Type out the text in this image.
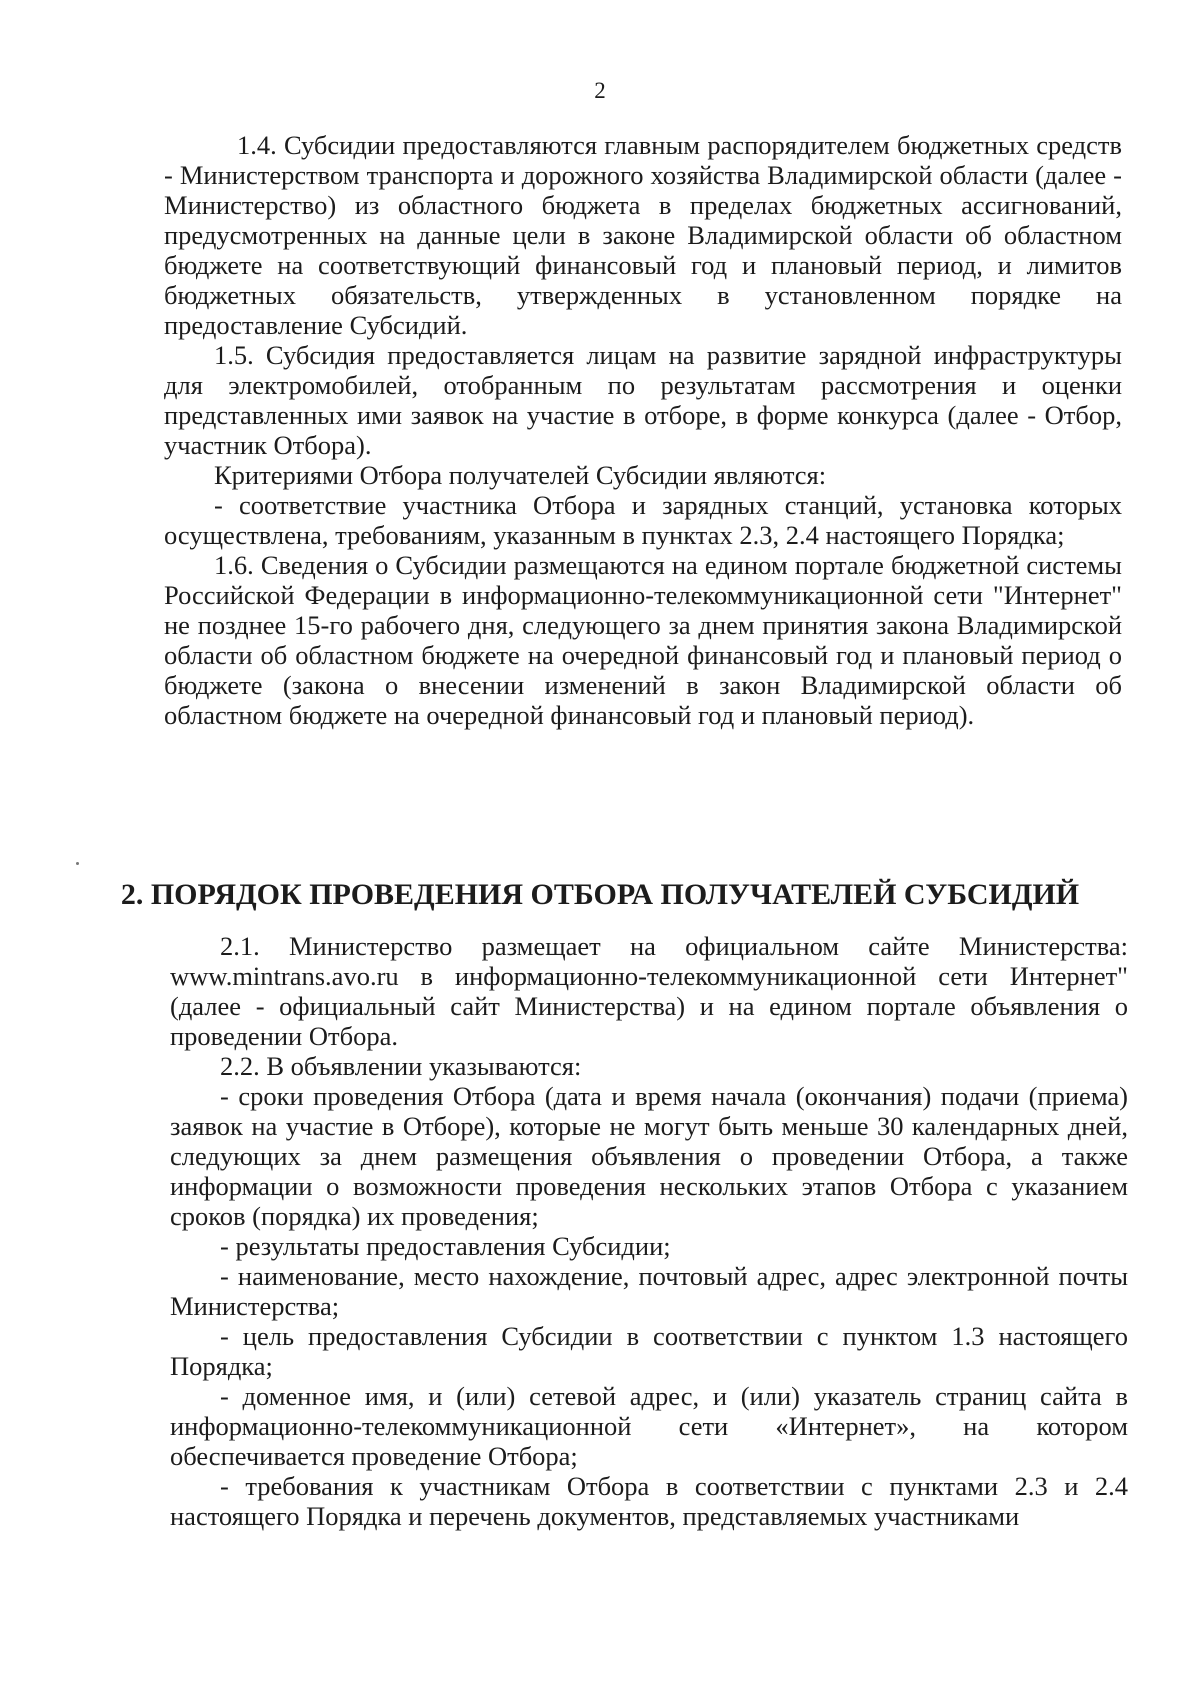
2

1.4. Субсидии предоставляются главным распорядителем бюджетных средств - Министерством транспорта и дорожного хозяйства Владимирской области (далее - Министерство) из областного бюджета в пределах бюджетных ассигнований, предусмотренных на данные цели в законе Владимирской области об областном бюджете на соответствующий финансовый год и плановый период, и лимитов бюджетных обязательств, утвержденных в установленном порядке на предоставление Субсидий.

1.5. Субсидия предоставляется лицам на развитие зарядной инфраструктуры для электромобилей, отобранным по результатам рассмотрения и оценки представленных ими заявок на участие в отборе, в форме конкурса (далее - Отбор, участник Отбора).

Критериями Отбора получателей Субсидии являются:

- соответствие участника Отбора и зарядных станций, установка которых осуществлена, требованиям, указанным в пунктах 2.3, 2.4 настоящего Порядка;

1.6. Сведения о Субсидии размещаются на едином портале бюджетной системы Российской Федерации в информационно-телекоммуникационной сети "Интернет" не позднее 15-го рабочего дня, следующего за днем принятия закона Владимирской области об областном бюджете на очередной финансовый год и плановый период о бюджете (закона о внесении изменений в закон Владимирской области об областном бюджете на очередной финансовый год и плановый период).

2. ПОРЯДОК ПРОВЕДЕНИЯ ОТБОРА ПОЛУЧАТЕЛЕЙ СУБСИДИЙ

2.1. Министерство размещает на официальном сайте Министерства: www.mintrans.avo.ru в информационно-телекоммуникационной сети Интернет" (далее - официальный сайт Министерства) и на едином портале объявления о проведении Отбора.

2.2. В объявлении указываются:

- сроки проведения Отбора (дата и время начала (окончания) подачи (приема) заявок на участие в Отборе), которые не могут быть меньше 30 календарных дней, следующих за днем размещения объявления о проведении Отбора, а также информации о возможности проведения нескольких этапов Отбора с указанием сроков (порядка) их проведения;

- результаты предоставления Субсидии;

- наименование, место нахождение, почтовый адрес, адрес электронной почты Министерства;

- цель предоставления Субсидии в соответствии с пунктом 1.3 настоящего Порядка;

- доменное имя, и (или) сетевой адрес, и (или) указатель страниц сайта в информационно-телекоммуникационной сети «Интернет», на котором обеспечивается проведение Отбора;

- требования к участникам Отбора в соответствии с пунктами 2.3 и 2.4 настоящего Порядка и перечень документов, представляемых участниками
